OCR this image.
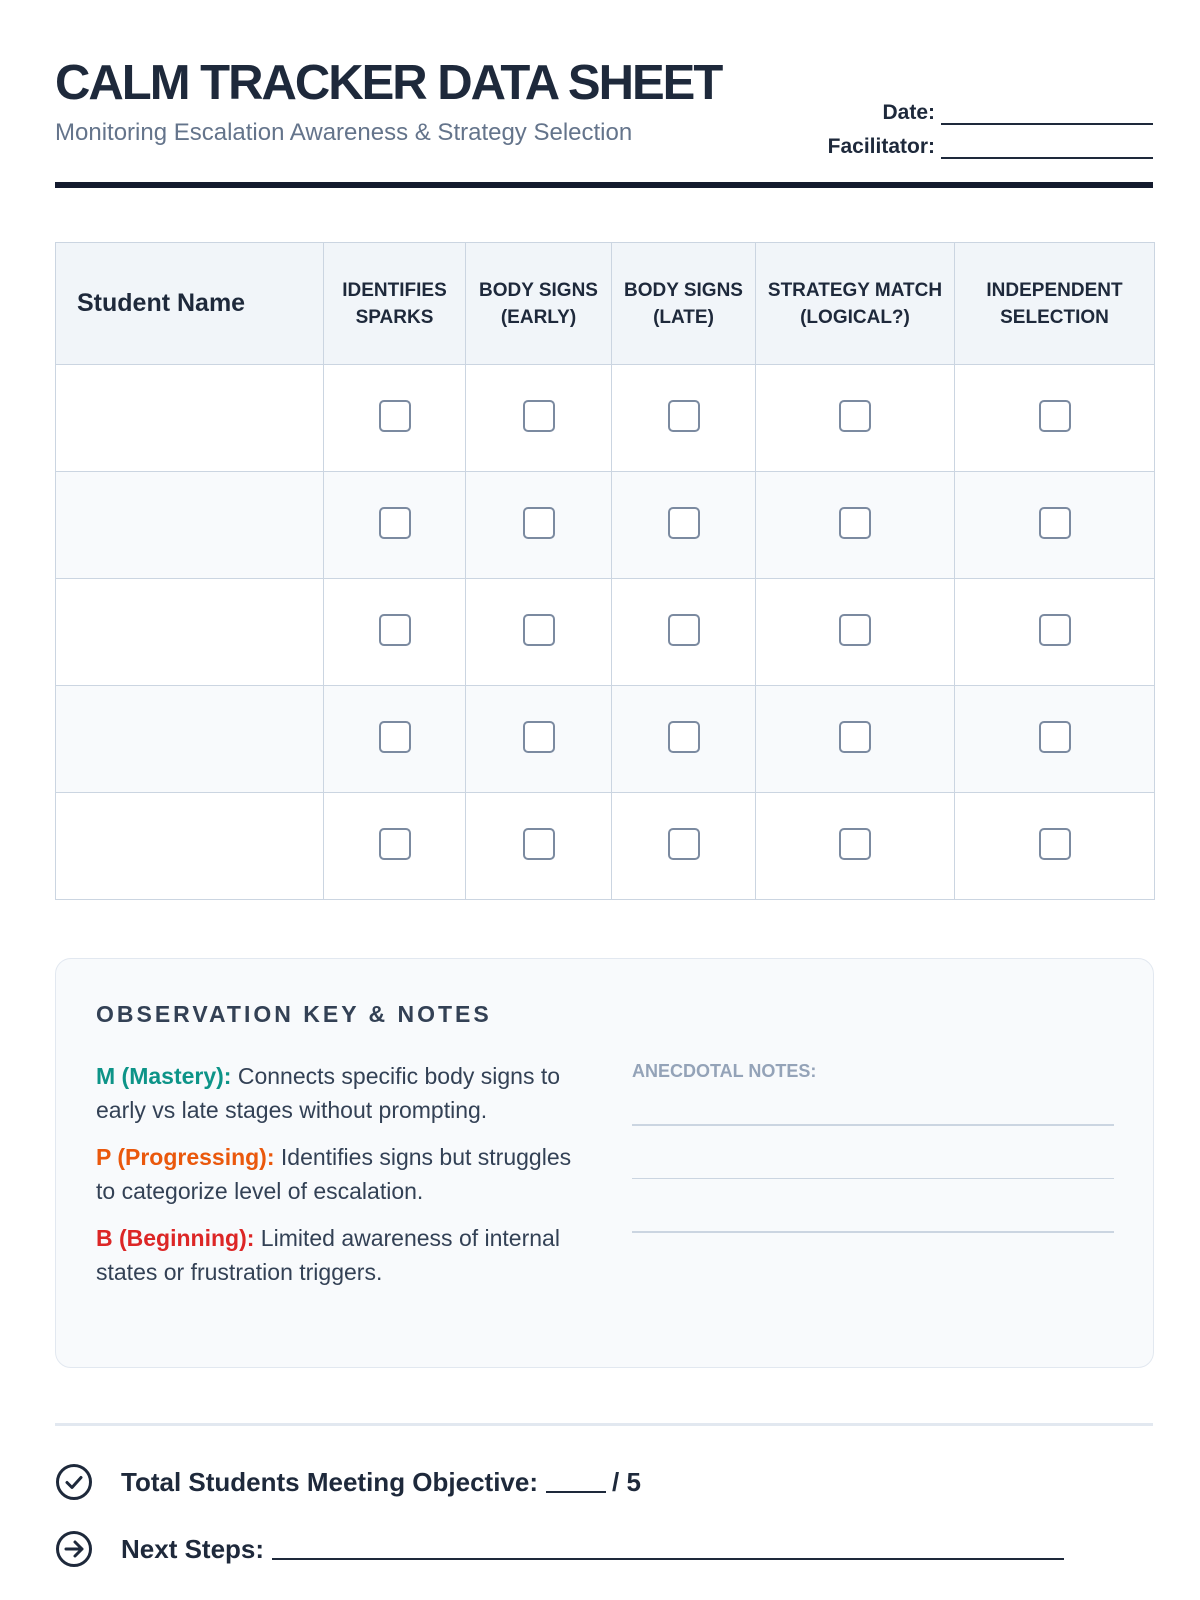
CALM TRACKER DATA SHEET
Monitoring Escalation Awareness & Strategy Selection
Date:
Facilitator:
Student Name	IDENTIFIES SPARKS	BODY SIGNS (EARLY)	BODY SIGNS (LATE)	STRATEGY MATCH (LOGICAL?)	INDEPENDENT SELECTION

OBSERVATION KEY & NOTES
M (Mastery): Connects specific body signs to early vs late stages without prompting.
P (Progressing): Identifies signs but struggles to categorize level of escalation.
B (Beginning): Limited awareness of internal states or frustration triggers.
ANECDOTAL NOTES:
Total Students Meeting Objective:	/ 5
Next Steps:
